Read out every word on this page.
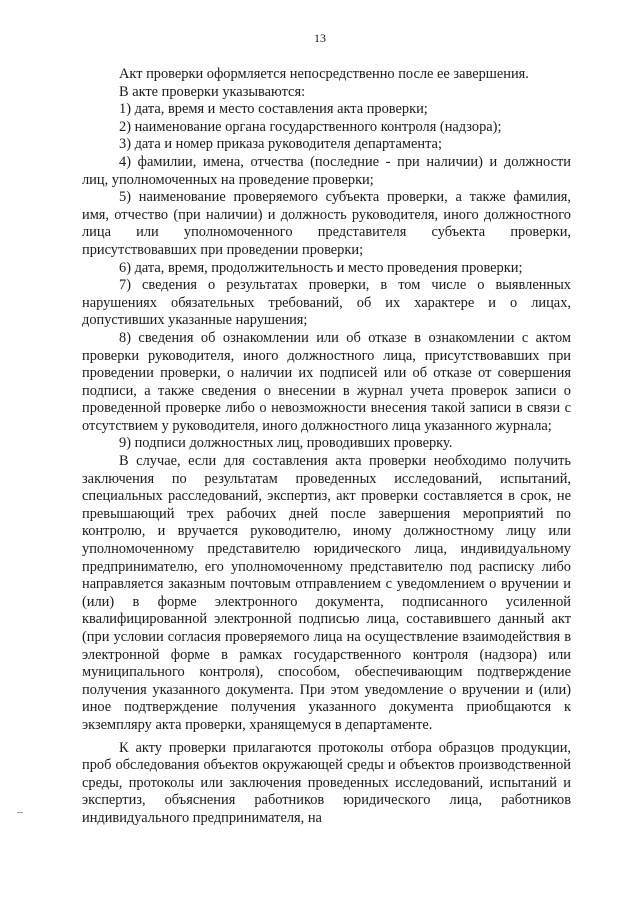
13

Акт проверки оформляется непосредственно после ее завершения.

В акте проверки указываются:

1) дата, время и место составления акта проверки;

2) наименование органа государственного контроля (надзора);

3) дата и номер приказа руководителя департамента;

4) фамилии, имена, отчества (последние - при наличии) и должности лиц, уполномоченных на проведение проверки;

5) наименование проверяемого субъекта проверки, а также фамилия, имя, отчество (при наличии) и должность руководителя, иного должностного лица или уполномоченного представителя субъекта проверки, присутствовавших при проведении проверки;

6) дата, время, продолжительность и место проведения проверки;

7) сведения о результатах проверки, в том числе о выявленных нарушениях обязательных требований, об их характере и о лицах, допустивших указанные нарушения;

8) сведения об ознакомлении или об отказе в ознакомлении с актом проверки руководителя, иного должностного лица, присутствовавших при проведении проверки, о наличии их подписей или об отказе от совершения подписи, а также сведения о внесении в журнал учета проверок записи о проведенной проверке либо о невозможности внесения такой записи в связи с отсутствием у руководителя, иного должностного лица указанного журнала;

9) подписи должностных лиц, проводивших проверку.

В случае, если для составления акта проверки необходимо получить заключения по результатам проведенных исследований, испытаний, специальных расследований, экспертиз, акт проверки составляется в срок, не превышающий трех рабочих дней после завершения мероприятий по контролю, и вручается руководителю, иному должностному лицу или уполномоченному представителю юридического лица, индивидуальному предпринимателю, его уполномоченному представителю под расписку либо направляется заказным почтовым отправлением с уведомлением о вручении и (или) в форме электронного документа, подписанного усиленной квалифицированной электронной подписью лица, составившего данный акт (при условии согласия проверяемого лица на осуществление взаимодействия в электронной форме в рамках государственного контроля (надзора) или муниципального контроля), способом, обеспечивающим подтверждение получения указанного документа. При этом уведомление о вручении и (или) иное подтверждение получения указанного документа приобщаются к экземпляру акта проверки, хранящемуся в департаменте.

К акту проверки прилагаются протоколы отбора образцов продукции, проб обследования объектов окружающей среды и объектов производственной среды, протоколы или заключения проведенных исследований, испытаний и экспертиз, объяснения работников юридического лица, работников индивидуального предпринимателя, на
